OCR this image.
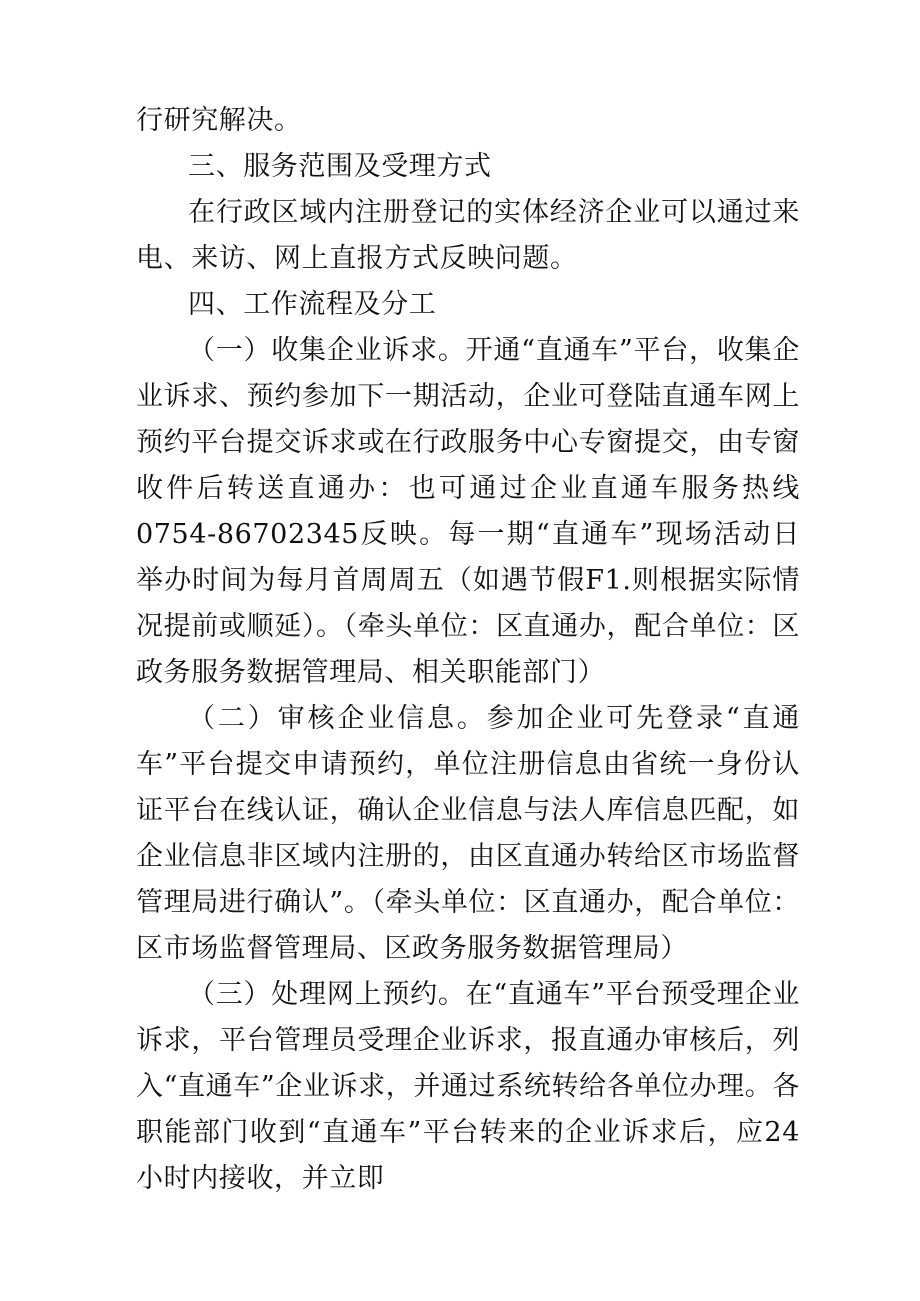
行研究解决。

三、服务范围及受理方式

在行政区域内注册登记的实体经济企业可以通过来电、来访、网上直报方式反映问题。

四、工作流程及分工

（一）收集企业诉求。开通“直通车”平台，收集企业诉求、预约参加下一期活动，企业可登陆直通车网上预约平台提交诉求或在行政服务中心专窗提交，由专窗收件后转送直通办：也可通过企业直通车服务热线0754-86702345反映。每一期“直通车”现场活动日举办时间为每月首周周五（如遇节假F1.则根据实际情况提前或顺延）。（牵头单位：区直通办，配合单位：区政务服务数据管理局、相关职能部门）

（二）审核企业信息。参加企业可先登录“直通车”平台提交申请预约，单位注册信息由省统一身份认证平台在线认证，确认企业信息与法人库信息匹配，如企业信息非区域内注册的，由区直通办转给区市场监督管理局进行确认”。（牵头单位：区直通办，配合单位：区市场监督管理局、区政务服务数据管理局）

（三）处理网上预约。在“直通车”平台预受理企业诉求，平台管理员受理企业诉求，报直通办审核后，列入“直通车”企业诉求，并通过系统转给各单位办理。各职能部门收到“直通车”平台转来的企业诉求后，应24小时内接收，并立即
